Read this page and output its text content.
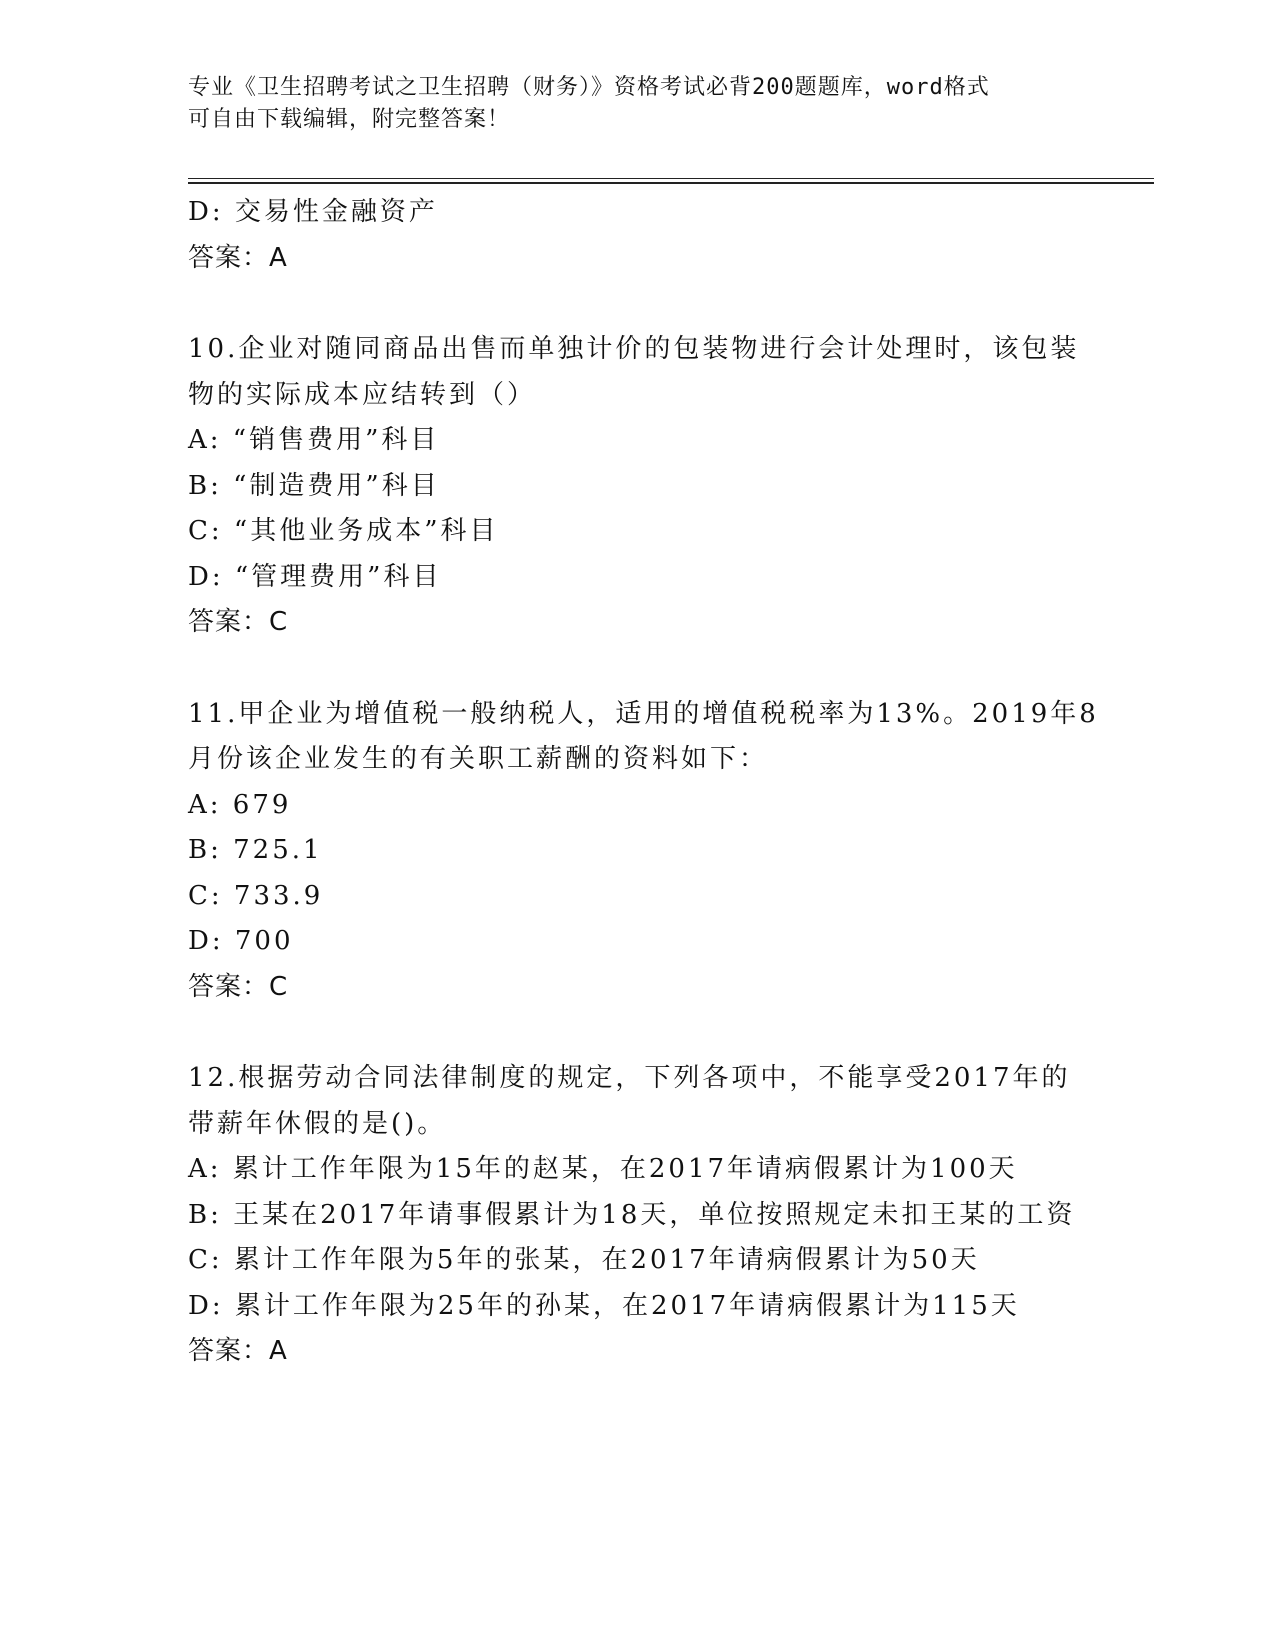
专业《卫生招聘考试之卫生招聘（财务）》资格考试必背200题题库，word格式
可自由下载编辑，附完整答案！
D: 交易性金融资产
答案：A
10.企业对随同商品出售而单独计价的包装物进行会计处理时，该包装
物的实际成本应结转到（）
A: “销售费用”科目
B: “制造费用”科目
C: “其他业务成本”科目
D: “管理费用”科目
答案：C
11.甲企业为增值税一般纳税人，适用的增值税税率为13%。2019年8
月份该企业发生的有关职工薪酬的资料如下：
A: 679
B: 725.1
C: 733.9
D: 700
答案：C
12.根据劳动合同法律制度的规定，下列各项中，不能享受2017年的
带薪年休假的是()。
A: 累计工作年限为15年的赵某，在2017年请病假累计为100天
B: 王某在2017年请事假累计为18天，单位按照规定未扣王某的工资
C: 累计工作年限为5年的张某，在2017年请病假累计为50天
D: 累计工作年限为25年的孙某，在2017年请病假累计为115天
答案：A
